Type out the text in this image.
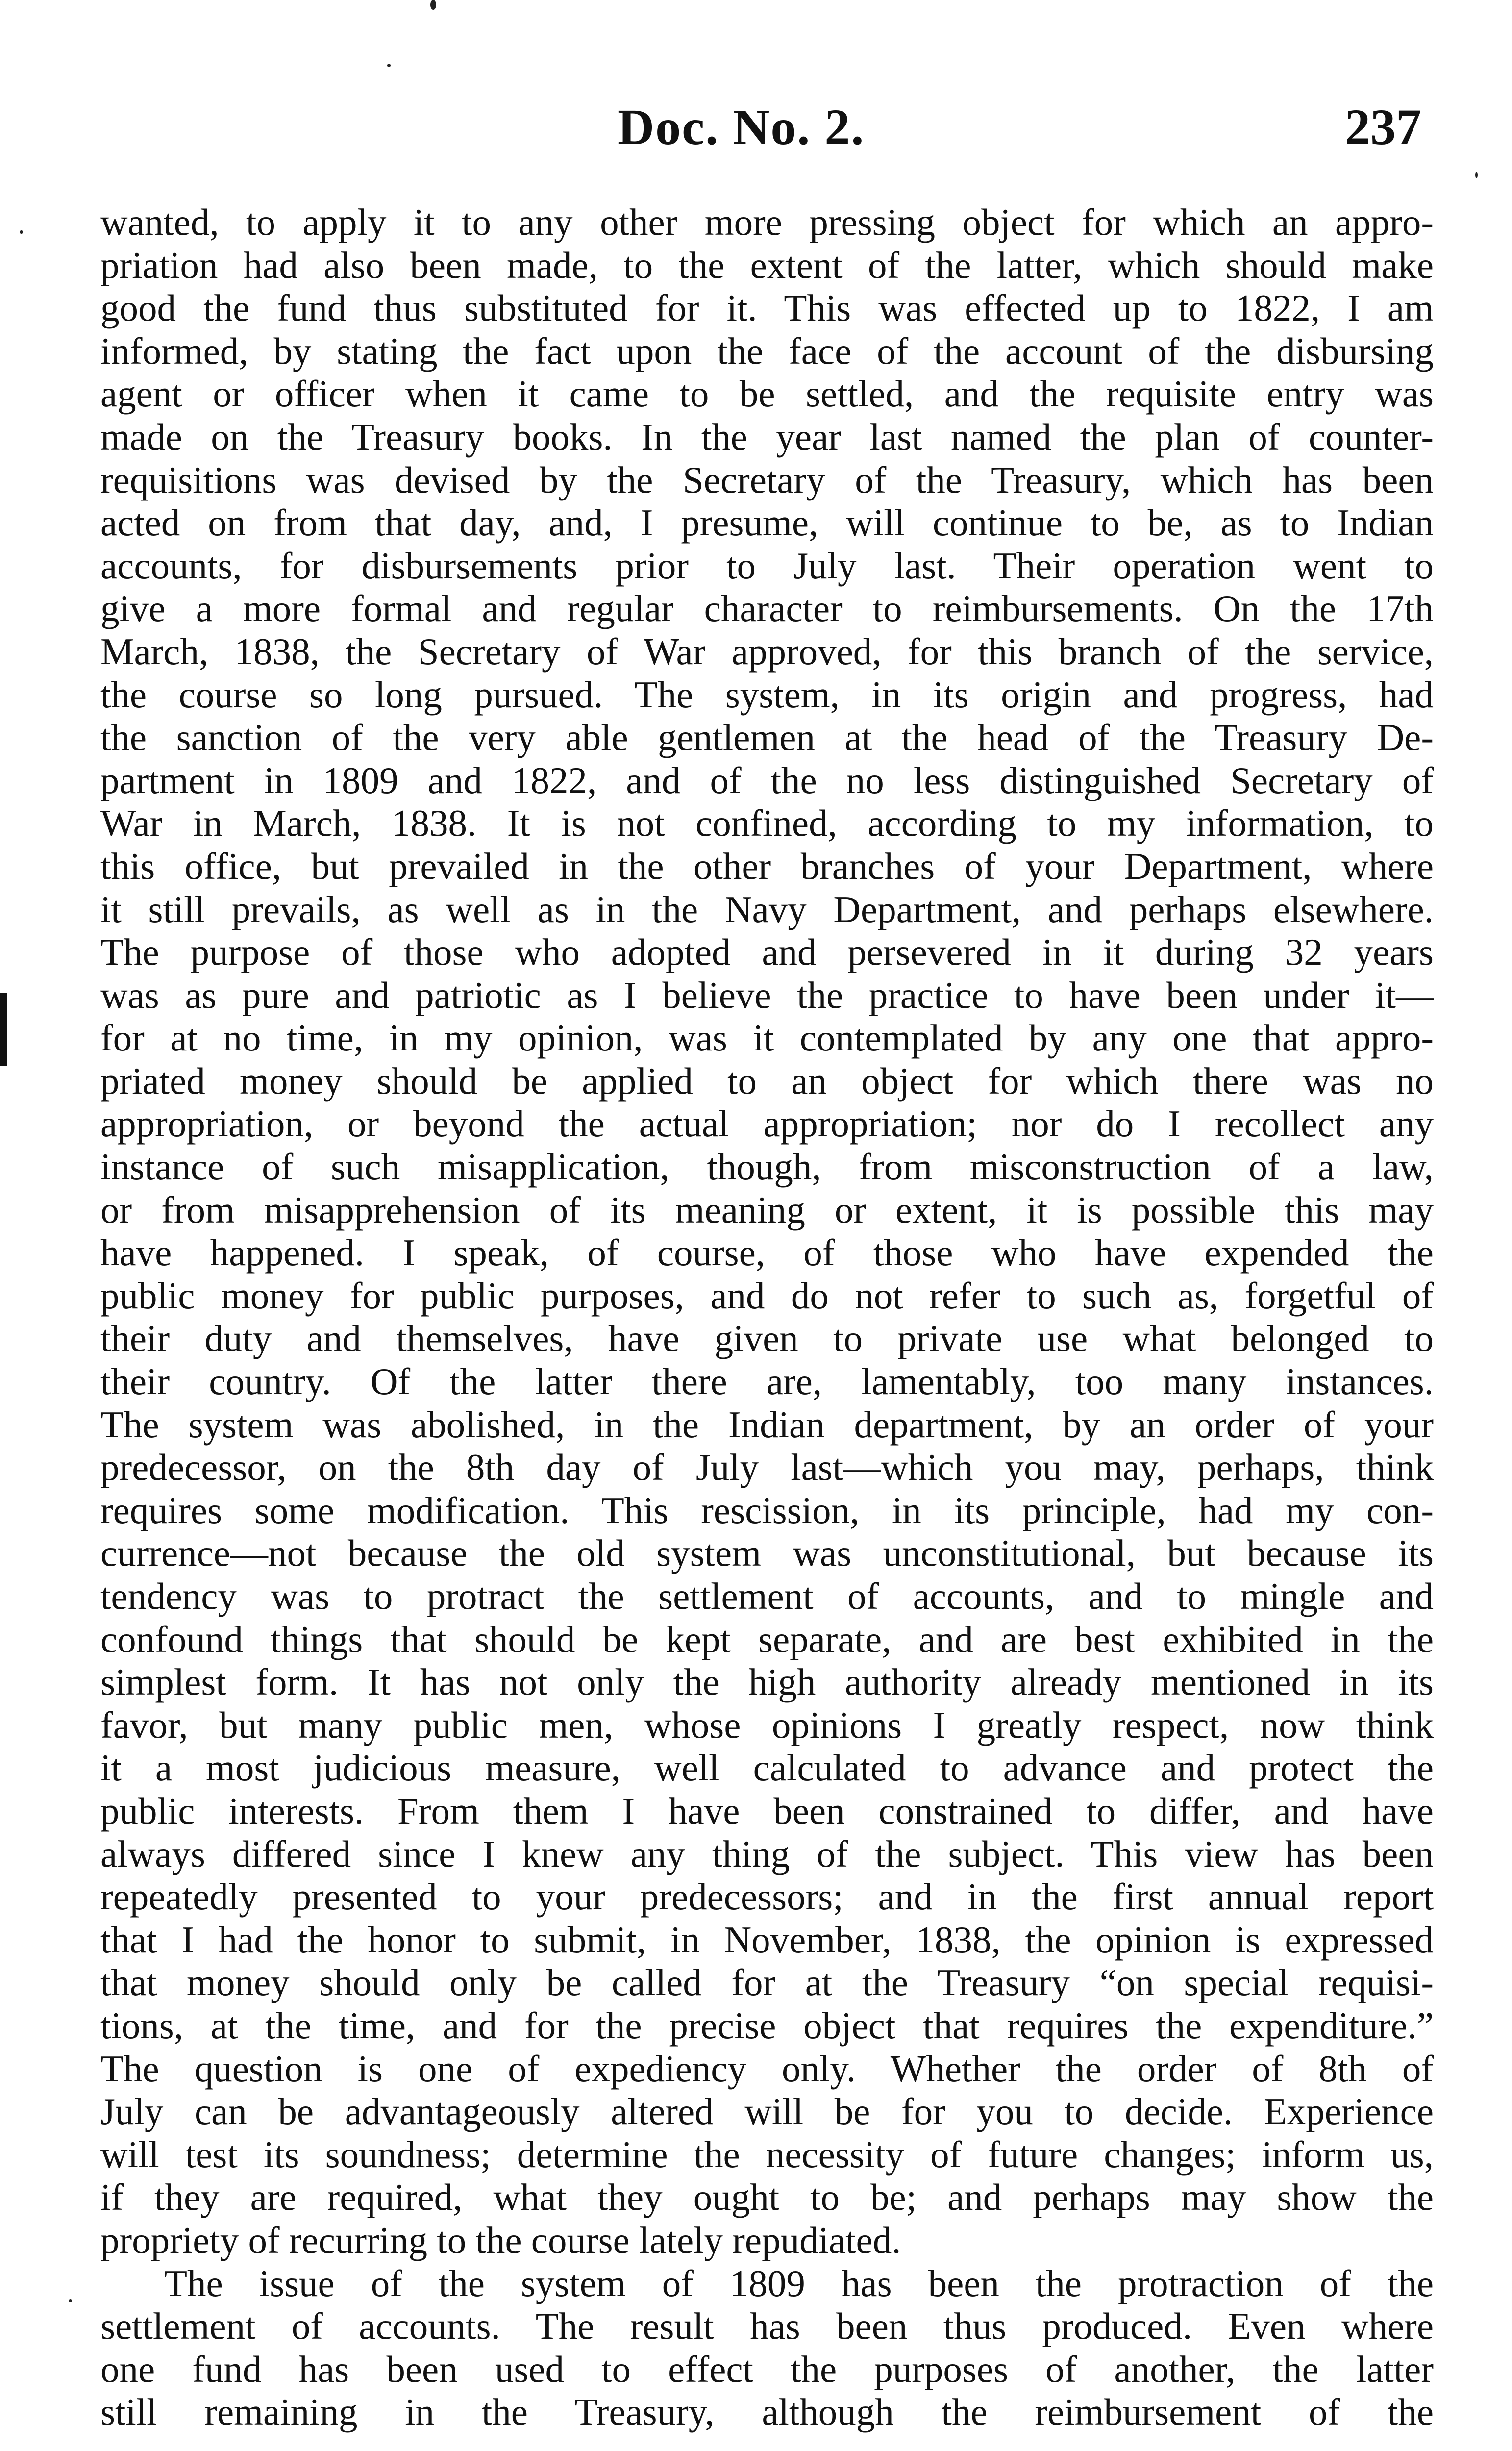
Doc. No. 2.	237
wanted, to apply it to any other more pressing object for which an appro-
priation had also been made, to the extent of the latter, which should make
good the fund thus substituted for it. This was effected up to 1822, I am
informed, by stating the fact upon the face of the account of the disbursing
agent or officer when it came to be settled, and the requisite entry was
made on the Treasury books. In the year last named the plan of counter-
requisitions was devised by the Secretary of the Treasury, which has been
acted on from that day, and, I presume, will continue to be, as to Indian
accounts, for disbursements prior to July last. Their operation went to
give a more formal and regular character to reimbursements. On the 17th
March, 1838, the Secretary of War approved, for this branch of the service,
the course so long pursued. The system, in its origin and progress, had
the sanction of the very able gentlemen at the head of the Treasury De-
partment in 1809 and 1822, and of the no less distinguished Secretary of
War in March, 1838. It is not confined, according to my information, to
this office, but prevailed in the other branches of your Department, where
it still prevails, as well as in the Navy Department, and perhaps elsewhere.
The purpose of those who adopted and persevered in it during 32 years
was as pure and patriotic as I believe the practice to have been under it—
for at no time, in my opinion, was it contemplated by any one that appro-
priated money should be applied to an object for which there was no
appropriation, or beyond the actual appropriation; nor do I recollect any
instance of such misapplication, though, from misconstruction of a law,
or from misapprehension of its meaning or extent, it is possible this may
have happened. I speak, of course, of those who have expended the
public money for public purposes, and do not refer to such as, forgetful of
their duty and themselves, have given to private use what belonged to
their country. Of the latter there are, lamentably, too many instances.
The system was abolished, in the Indian department, by an order of your
predecessor, on the 8th day of July last—which you may, perhaps, think
requires some modification. This rescission, in its principle, had my con-
currence—not because the old system was unconstitutional, but because its
tendency was to protract the settlement of accounts, and to mingle and
confound things that should be kept separate, and are best exhibited in the
simplest form. It has not only the high authority already mentioned in its
favor, but many public men, whose opinions I greatly respect, now think
it a most judicious measure, well calculated to advance and protect the
public interests. From them I have been constrained to differ, and have
always differed since I knew any thing of the subject. This view has been
repeatedly presented to your predecessors; and in the first annual report
that I had the honor to submit, in November, 1838, the opinion is expressed
that money should only be called for at the Treasury “on special requisi-
tions, at the time, and for the precise object that requires the expenditure.”
The question is one of expediency only. Whether the order of 8th of
July can be advantageously altered will be for you to decide. Experience
will test its soundness; determine the necessity of future changes; inform us,
if they are required, what they ought to be; and perhaps may show the
propriety of recurring to the course lately repudiated.
The issue of the system of 1809 has been the protraction of the
settlement of accounts. The result has been thus produced. Even where
one fund has been used to effect the purposes of another, the latter
still remaining in the Treasury, although the reimbursement of the
